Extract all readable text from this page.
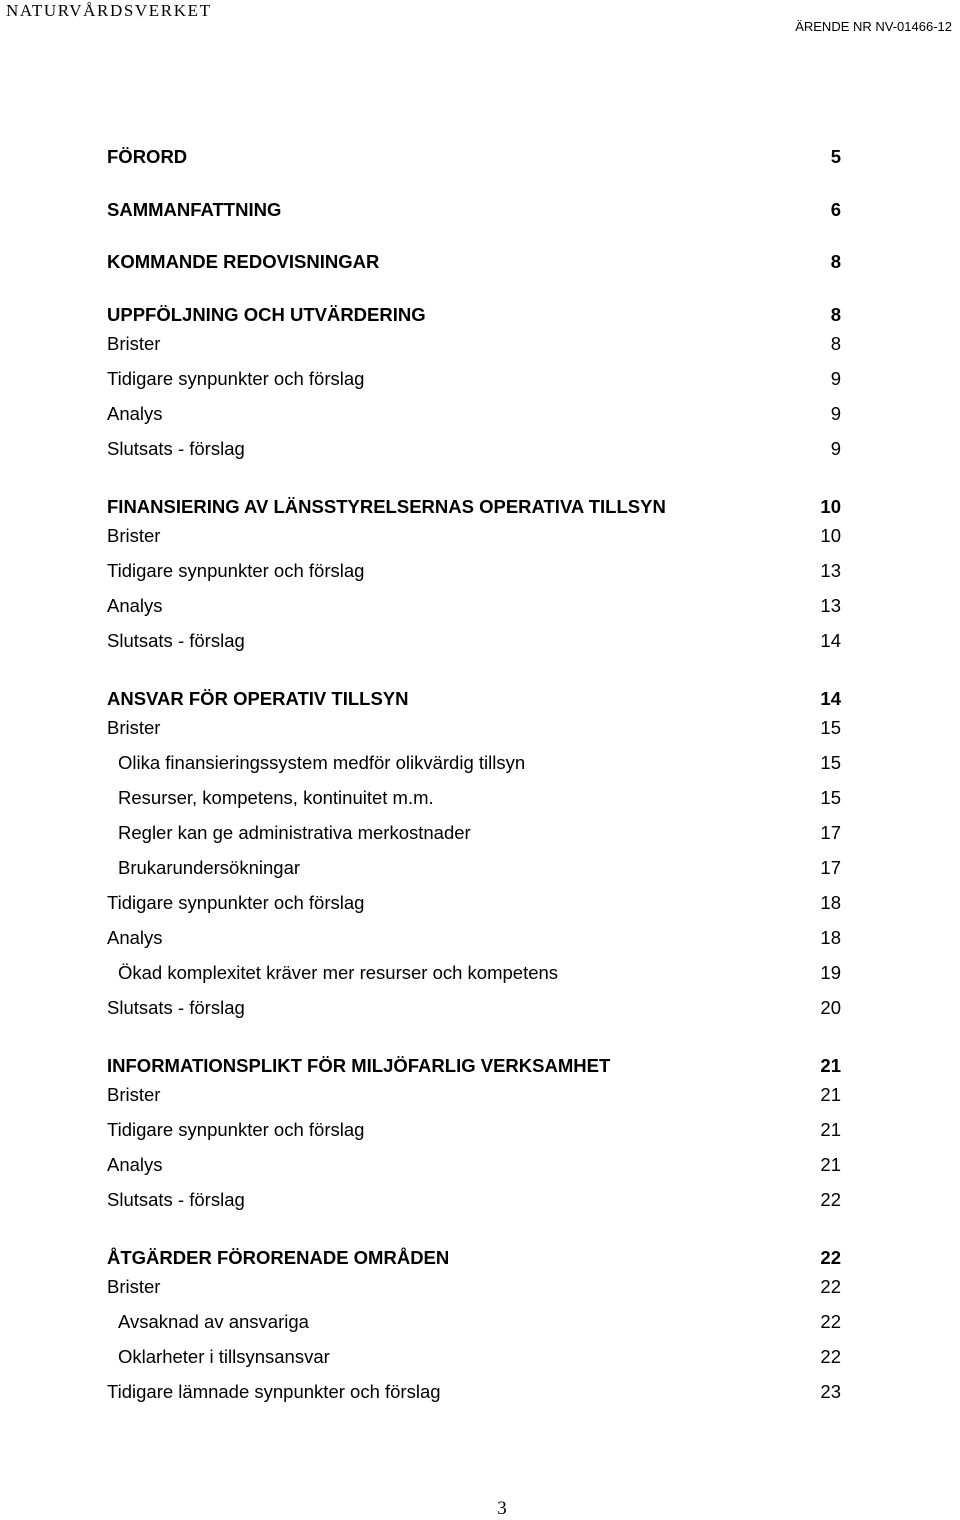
NATURVÅRDSVERKET
ÄRENDE NR NV-01466-12
FÖRORD	5
SAMMANFATTNING	6
KOMMANDE REDOVISNINGAR	8
UPPFÖLJNING OCH UTVÄRDERING	8
Brister	8
Tidigare synpunkter och förslag	9
Analys	9
Slutsats - förslag	9
FINANSIERING AV LÄNSSTYRELSERNAS OPERATIVA TILLSYN	10
Brister	10
Tidigare synpunkter och förslag	13
Analys	13
Slutsats - förslag	14
ANSVAR FÖR OPERATIV TILLSYN	14
Brister	15
Olika finansieringssystem medför olikvärdig tillsyn	15
Resurser, kompetens, kontinuitet m.m.	15
Regler kan ge administrativa merkostnader	17
Brukarundersökningar	17
Tidigare synpunkter och förslag	18
Analys	18
Ökad komplexitet kräver mer resurser och kompetens	19
Slutsats - förslag	20
INFORMATIONSPLIKT FÖR MILJÖFARLIG VERKSAMHET	21
Brister	21
Tidigare synpunkter och förslag	21
Analys	21
Slutsats - förslag	22
ÅTGÄRDER FÖRORENADE OMRÅDEN	22
Brister	22
Avsaknad av ansvariga	22
Oklarheter i tillsynsansvar	22
Tidigare lämnade synpunkter och förslag	23
3
